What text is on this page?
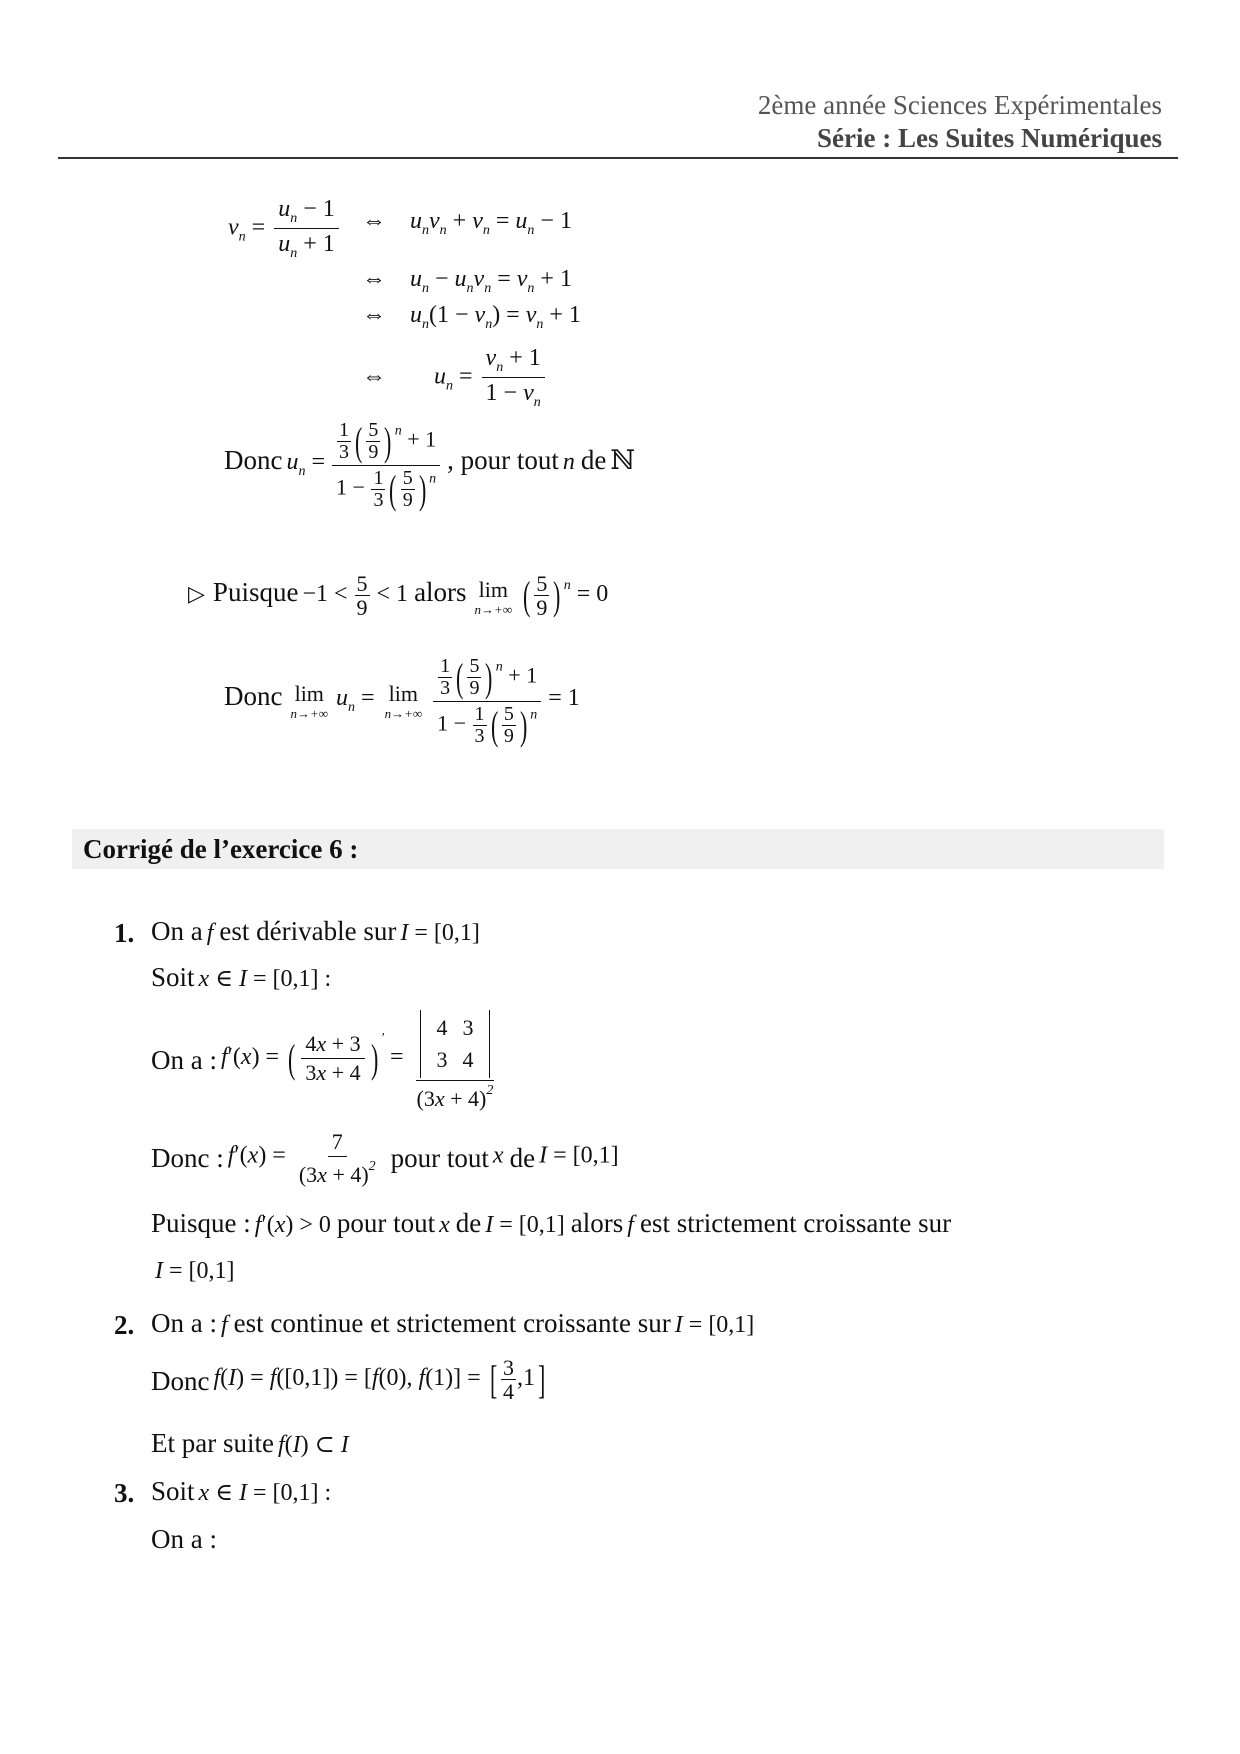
2ème année Sciences Expérimentales
Série : Les Suites Numériques
$v_n = \frac{u_n - 1}{u_n + 1}$ ⇔    $u_nv_n + v_n = u_n - 1$
⇔    $u_n - u_nv_n = v_n + 1$
⇔    $u_n(1 - v_n) = v_n + 1$
⇔        $u_n = \frac{v_n + 1}{1 - v_n}$
Donc $u_n = \frac{\frac{1}{3} ( \frac{5}{9} ) ^n + 1}{1 - \frac{1}{3} ( \frac{5}{9} ) ^n}$ , pour tout n de ℕ
▷ Puisque $-1 < \frac{5}{9} < 1$ alors lim
n→+∞ ( $\frac{5}{9}$ ) $^n$ = 0
Donc lim
n→+∞
$u_n = \lim$
n→+∞
$\frac{\frac{1}{3} ( \frac{5}{9} ) ^n + 1}{1 - \frac{1}{3} ( \frac{5}{9} ) ^n} = 1$
Corrigé de l’exercice 6 :
1. On a f est dérivable sur I = [0,1]
Soit x ∈ I = [0,1] :
On a : f′(x) = ( $\frac{4x + 3}{3x + 4}$ ) ′ =
4 3
3 4
$(3x + 4)^2$
Donc : $f'(x) = \frac{7}{(3x + 4)^2}$ pour tout x de I = [0,1]
Puisque : f′(x) > 0 pour tout x de I = [0,1] alors f est strictement croissante sur
I = [0,1]
2. On a : f est continue et strictement croissante sur I = [0,1]
Donc f(I) = f([0,1]) = [f(0), f(1)] = [ $\frac{3}{4} ,1$]
Et par suite f(I) ⊂ I
3. Soit x ∈ I = [0,1] :
On a :
